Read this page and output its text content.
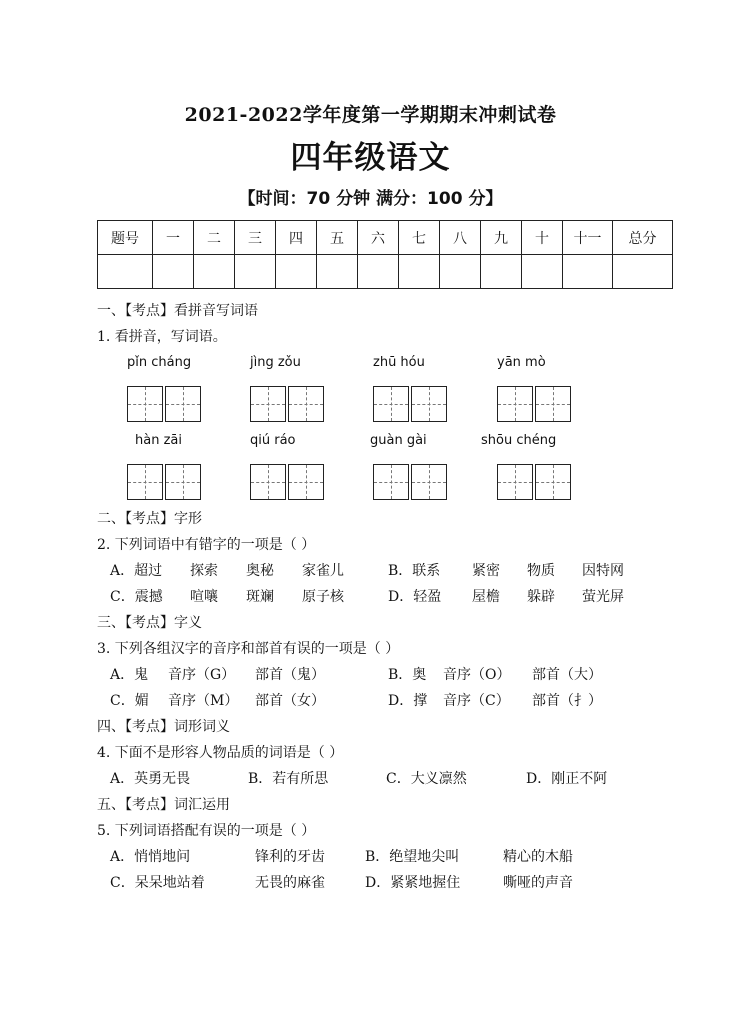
2021-2022学年度第一学期期末冲刺试卷
四年级语文
【时间：70 分钟 满分：100 分】
题号	一	二	三	四	五	六	七	八	九	十	十一	总分

一、【考点】看拼音写词语
1. 看拼音，写词语。
pǐn cháng	jìng zǒu	zhū hóu	yān mò
hàn zāi	qiú ráo	guàn gài	shōu chéng
二、【考点】字形
2. 下列词语中有错字的一项是（ ）
A．超过 探索 奥秘 家雀儿	B．联系 紧密 物质 因特网
C．震撼 喧嚷 斑斓 原子核	D．轻盈 屋檐 躲辟 萤光屏
三、【考点】字义
3. 下列各组汉字的音序和部首有误的一项是（ ）
A．鬼 音序（G） 部首（鬼）	B．奥 音序（O） 部首（大）
C．媚 音序（M） 部首（女）	D．撑 音序（C） 部首（扌）
四、【考点】词形词义
4. 下面不是形容人物品质的词语是（ ）
A．英勇无畏	B．若有所思	C．大义凛然	D．刚正不阿
五、【考点】词汇运用
5. 下列词语搭配有误的一项是（ ）
A．悄悄地问	锋利的牙齿	B．绝望地尖叫	精心的木船
C．呆呆地站着	无畏的麻雀	D．紧紧地握住	嘶哑的声音
